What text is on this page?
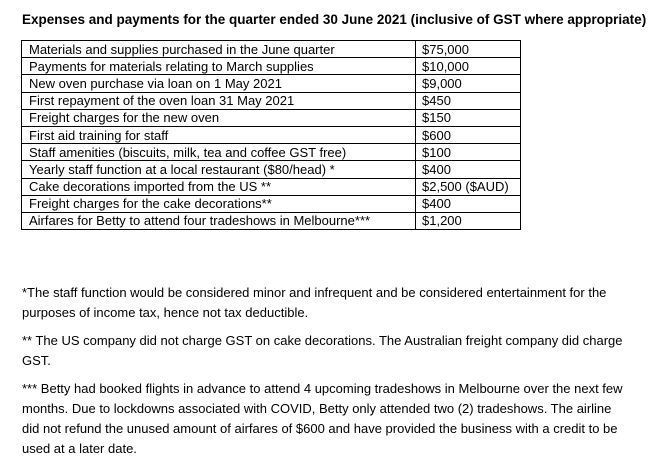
Expenses and payments for the quarter ended 30 June 2021 (inclusive of GST where appropriate)
Materials and supplies purchased in the June quarter	$75,000
Payments for materials relating to March supplies	$10,000
New oven purchase via loan on 1 May 2021	$9,000
First repayment of the oven loan 31 May 2021	$450
Freight charges for the new oven	$150
First aid training for staff	$600
Staff amenities (biscuits, milk, tea and coffee GST free)	$100
Yearly staff function at a local restaurant ($80/head) *	$400
Cake decorations imported from the US **	$2,500 ($AUD)
Freight charges for the cake decorations**	$400
Airfares for Betty to attend four tradeshows in Melbourne***	$1,200

*The staff function would be considered minor and infrequent and be considered entertainment for the purposes of income tax, hence not tax deductible.

** The US company did not charge GST on cake decorations. The Australian freight company did charge GST.

*** Betty had booked flights in advance to attend 4 upcoming tradeshows in Melbourne over the next few months. Due to lockdowns associated with COVID, Betty only attended two (2) tradeshows. The airline did not refund the unused amount of airfares of $600 and have provided the business with a credit to be used at a later date.
